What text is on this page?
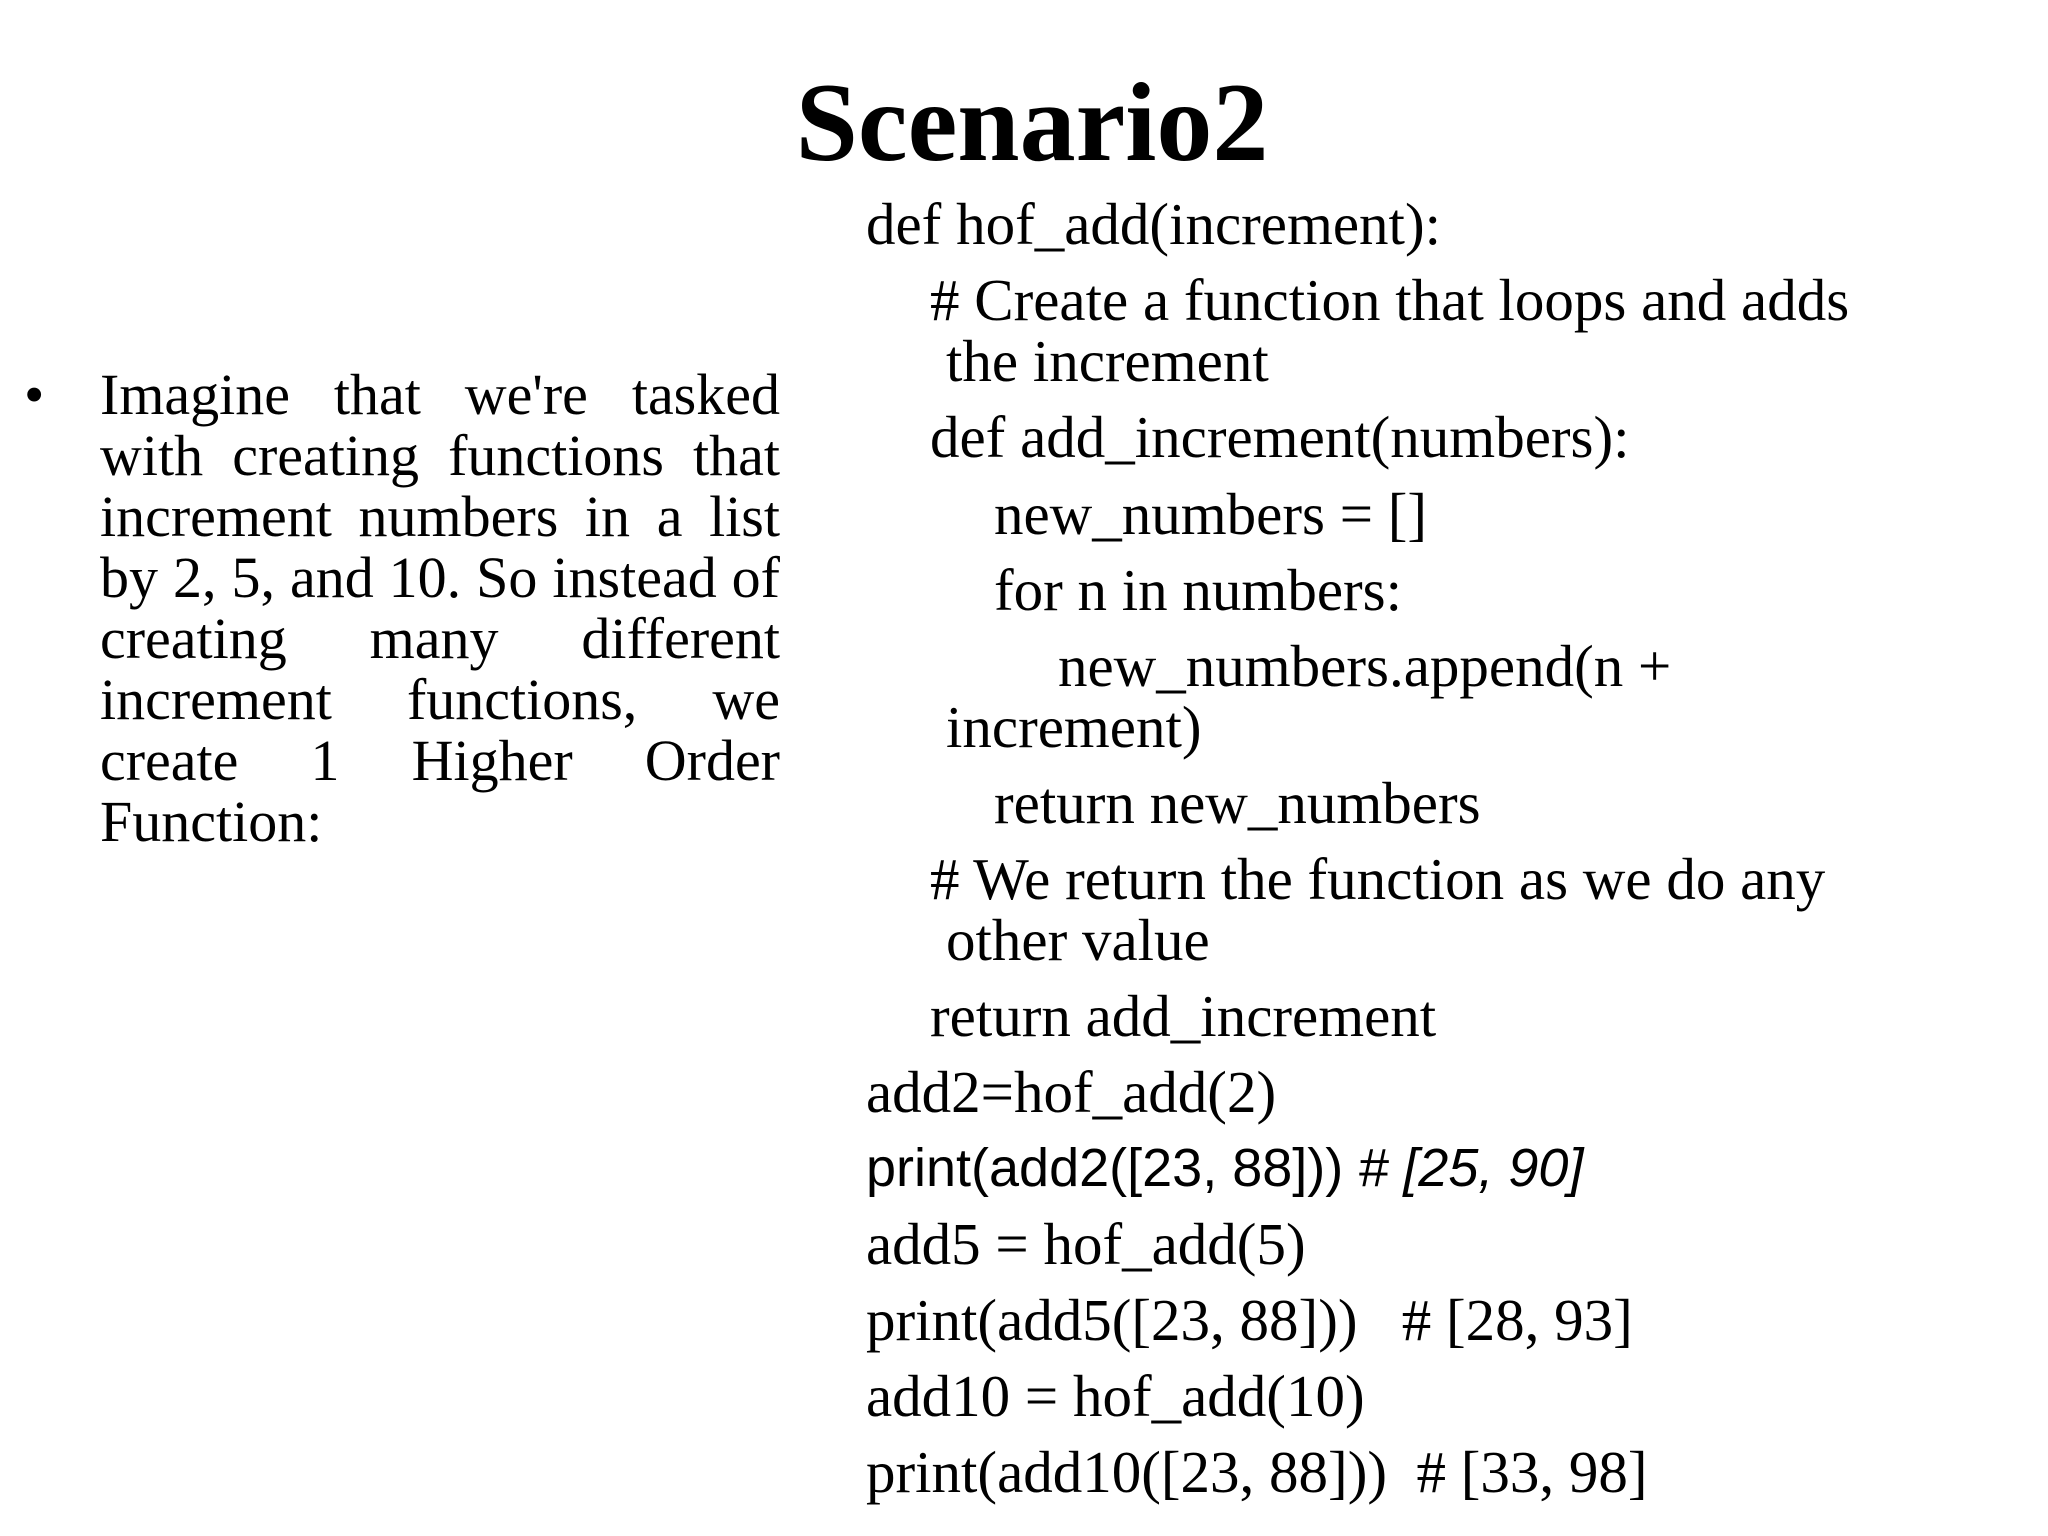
Scenario2
• Imagine that we're tasked with creating functions that increment numbers in a list by 2, 5, and 10. So instead of creating many different increment functions, we create 1 Higher Order Function:
def hof_add(increment):
# Create a function that loops and adds
the increment
def add_increment(numbers):
new_numbers = []
for n in numbers:
new_numbers.append(n +
increment)
return new_numbers
# We return the function as we do any
other value
return add_increment
add2=hof_add(2)
print(add2([23, 88])) # [25, 90]
add5 = hof_add(5)
print(add5([23, 88]))   # [28, 93]
add10 = hof_add(10)
print(add10([23, 88]))  # [33, 98]
